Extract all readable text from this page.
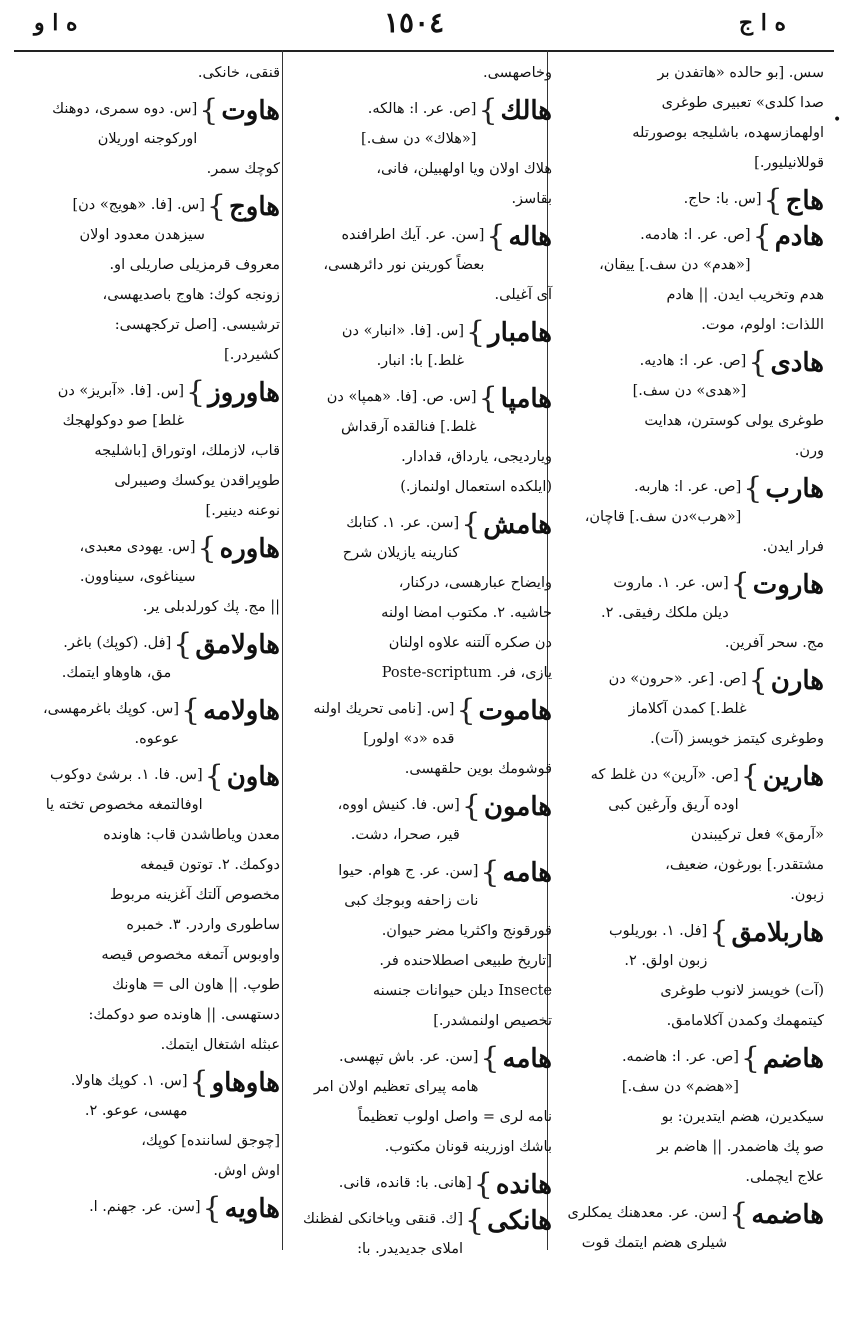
ه ا و	١٥٠٤	ه ا ج
سس. [بو حالده «هاتفدن بر
صدا كلدى» تعبيرى طوغرى
اولهمازسهده، باشليجه بوصورتله
قوللانيليور.]
هاج
}
[س. با: حاج.
هادم
}
[ص. عر. ا: هادمه.
[«هدم» دن سف.] ييقان،
هدم وتخريب ايدن. || هادم
اللذات: اولوم، موت.
هادى
}
[ص. عر. ا: هاديه.
[«هدى» دن سف.]
طوغرى يولى كوسترن، هدايت
ورن.
هارب
}
[ص. عر. ا: هاربه.
[«هرب»دن سف.] قاچان،
فرار ايدن.
هاروت
}
[س. عر. ١. ماروت
ديلن ملكك رفيقى. ٢.
مج. سحر آفرين.
هارن
}
[ص. [عر. «حرون» دن
غلط.] كمدن آكلاماز
وطوغرى كيتمز خويسز (آت).
هارين
}
[ص. «آرين» دن غلط كه
اوده آريق وآرغين كبى
«آرمق» فعل تركيبندن
مشتقدر.] بورغون، ضعيف،
زبون.
هاربلامق
}
[فل. ١. بوريلوب
زبون اولق. ٢.
(آت) خويسز لانوب طوغرى
كيتمهمك وكمدن آكلامامق.
هاضم
}
[ص. عر. ا: هاضمه.
[«هضم» دن سف.]
سيكديرن، هضم ايتديرن: بو
صو پك هاضمدر. || هاضم بر
علاج ايچملى.
هاضمه
}
[سن. عر. معدهنك يمكلرى
شيلرى هضم ايتمك قوت
وخاصهسى.
هالك
}
[ص. عر. ا: هالكه.
[«هلاك» دن سف.]
هلاك اولان ويا اولهبيلن، فانى،
بقاسز.
هاله
}
[سن. عر. آيك اطرافنده
بعضاً كورينن نور دائرهسى،
آى آغيلى.
هامبار
}
[س. [فا. «انبار» دن
غلط.] با: انبار.
هامپا
}
[س. ص. [فا. «همپا» دن
غلط.] فنالقده آرقداش
ويارديجى، يارداق، قدادار.
(ايلكده استعمال اولنماز.)
هامش
}
[سن. عر. ١. كتابك
كنارينه يازيلان شرح
وايضاح عبارهسى، دركنار،
حاشيه. ٢. مكتوب امضا اولنه
دن صكره آلتنه علاوه اولنان
يازى، فر. Poste-scriptum
هاموت
}
[س. [نامى تحريك اولنه
قده «د» اولور]
قوشومك بوين حلقهسى.
هامون
}
[س. فا. كنيش اووه،
قير، صحرا، دشت.
هامه
}
[سن. عر. ج هوام. حيوا
نات زاحفه وبوجك كبى
قورقونج واكثريا مضر حيوان.
[تاريخ طبيعى اصطلاحنده فر.
Insecte ديلن حيوانات جنسنه
تخصيص اولنمشدر.]
هامه
}
[سن. عر. باش تپهسى.
هامه پيراى تعظيم اولان امر
نامه لرى = واصل اولوب تعظيماً
باشك اوزرينه قونان مكتوب.
هانده
}
[هانى. با: قانده، قانى.
هانكى
}
[ك. قنقى وياخانكى لفظنك
املاى جديديدر. با:
قنقى، خانكى.
هاوت
}
[س. دوه سمرى، دوهنك
اوركوجنه اوريلان
كوچك سمر.
هاوج
}
[س. [فا. «هويج» دن]
سيزهدن معدود اولان
معروف قرمزيلى صاريلى او.
زونجه كوك: هاوج باصديهسى،
ترشيسى. [اصل تركجهسى:
كشيردر.]
هاوروز
}
[س. [فا. «آبريز» دن
غلط] صو دوكولهجك
قاب، لازملك، اوتوراق [باشليجه
طوپراقدن يوكسك وصيبرلى
نوعنه دينير.]
هاوره
}
[س. يهودى معبدى،
سيناغوى، سيناوون.
|| مج. پك كورلدبلى ير.
هاولامق
}
[فل. (كوپك) باغر.
مق، هاوهاو ايتمك.
هاولامه
}
[س. كوپك باغرمهسى،
عوعوه.
هاون
}
[س. فا. ١. برشئ دوكوب
اوفالتمغه مخصوص تخته يا
معدن وياطاشدن قاب: هاونده
دوكمك. ٢. توتون قيمغه
مخصوص آلتك آغزينه مربوط
ساطورى واردر. ٣. خمبره
واوبوس آتمغه مخصوص قيصه
طوپ. || هاون الى = هاونك
دستهسى. || هاونده صو دوكمك:
عبثله اشتغال ايتمك.
هاوهاو
}
[س. ١. كوپك هاولا.
مهسى، عوعو. ٢.
[چوجق لساننده] كوپك،
اوش اوش.
هاويه
}
[سن. عر. جهنم. ا.
•
